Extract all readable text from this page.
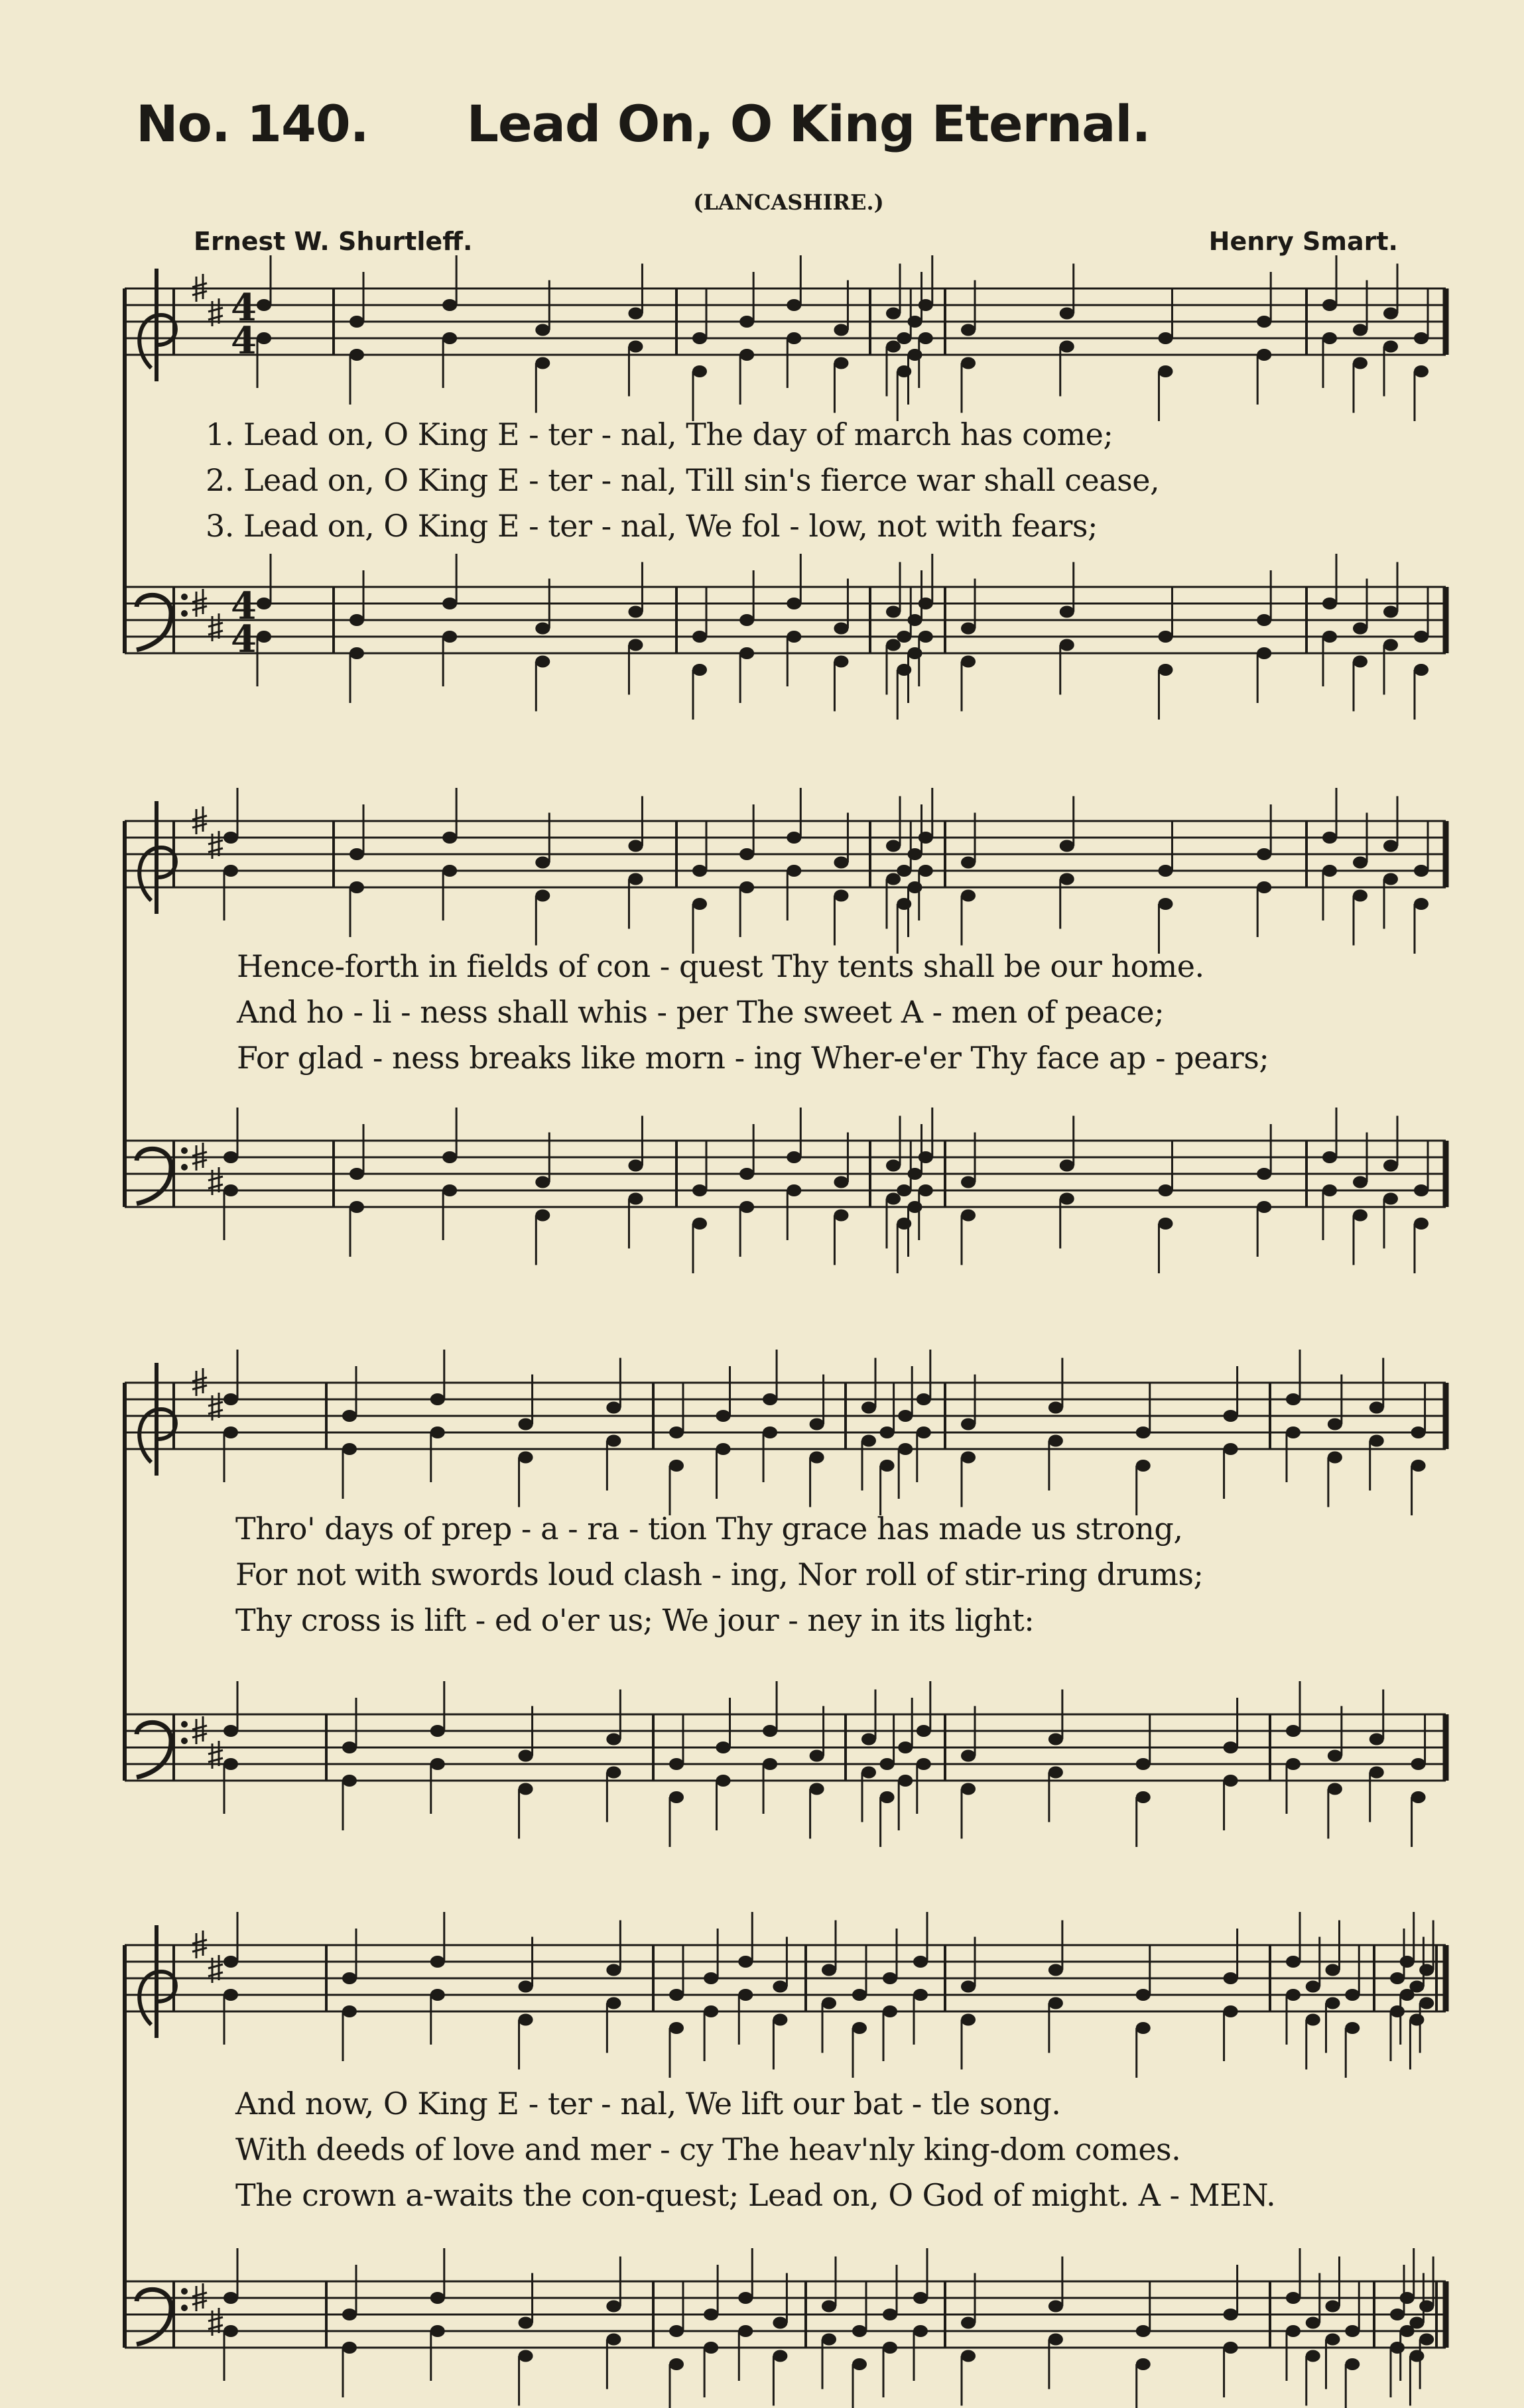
No. 140.	Lead On, O King Eternal.
(LANCASHIRE.)
Ernest W. Shurtleff.	Henry Smart.
4
4
4
4
1. Lead on, O King E - ter - nal, The day of march has come;
2. Lead on, O King E - ter - nal, Till sin's fierce war shall cease,
3. Lead on, O King E - ter - nal, We fol - low, not with fears;
Hence-forth in fields of con - quest Thy tents shall be our home.
And ho - li - ness shall whis - per The sweet A - men of peace;
For glad - ness breaks like morn - ing Wher-e'er Thy face ap - pears;
Thro' days of prep - a - ra - tion Thy grace has made us strong,
For not with swords loud clash - ing, Nor roll of stir-ring drums;
Thy cross is lift - ed o'er us; We jour - ney in its light:
And now, O King E - ter - nal, We lift our bat - tle song.
With deeds of love and mer - cy The heav'nly king-dom comes.
The crown a-waits the con-quest; Lead on, O God of might. A - MEN.
